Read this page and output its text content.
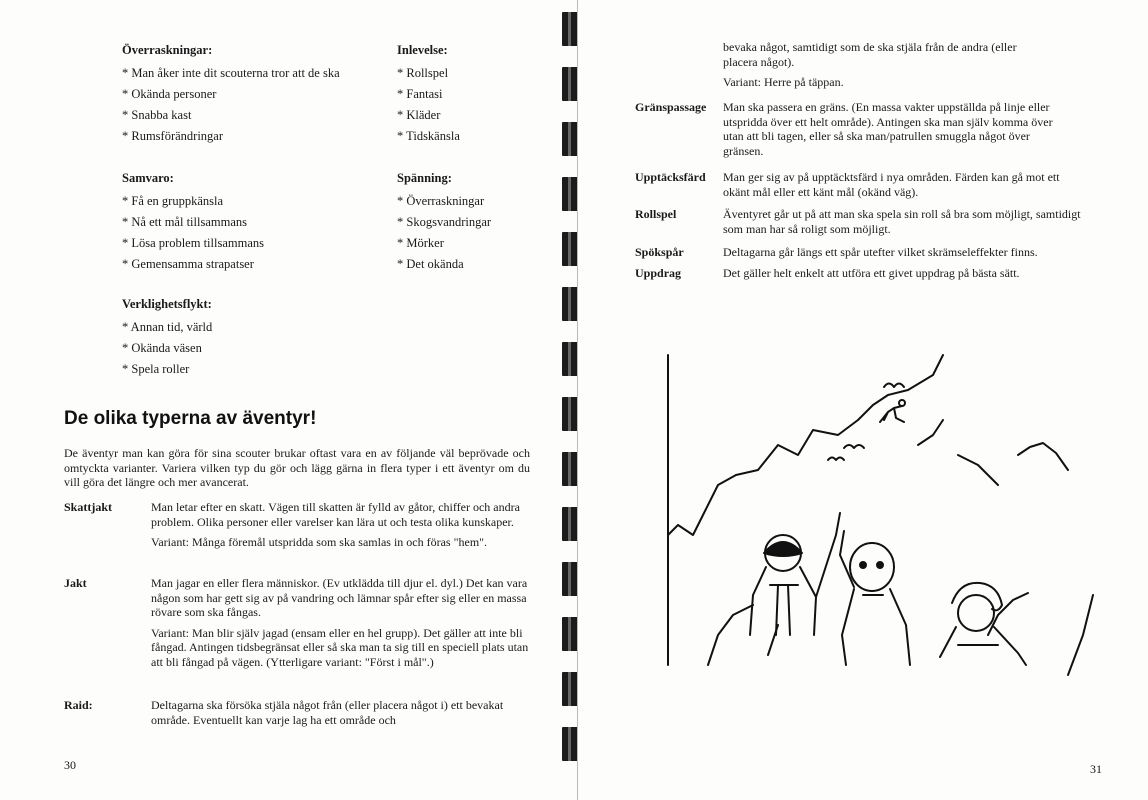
Överraskningar:
* Man åker inte dit scouterna tror att de ska
* Okända personer
* Snabba kast
* Rumsförändringar
Inlevelse:
* Rollspel
* Fantasi
* Kläder
* Tidskänsla
Samvaro:
* Få en gruppkänsla
* Nå ett mål tillsammans
* Lösa problem tillsammans
* Gemensamma strapatser
Spänning:
* Överraskningar
* Skogsvandringar
* Mörker
* Det okända
Verklighetsflykt:
* Annan tid, värld
* Okända väsen
* Spela roller
De olika typerna av äventyr!
De äventyr man kan göra för sina scouter brukar oftast vara en av följande väl beprövade och omtyckta varianter. Variera vilken typ du gör och lägg gärna in flera typer i ett äventyr om du vill göra det längre och mer avancerat.
Skattjakt	Man letar efter en skatt. Vägen till skatten är fylld av gåtor, chiffer och andra problem. Olika personer eller varelser kan lära ut och testa olika kunskaper.

Variant: Många föremål utspridda som ska samlas in och föras "hem".

Jakt	Man jagar en eller flera människor. (Ev utklädda till djur el. dyl.) Det kan vara någon som har gett sig av på vandring och lämnar spår efter sig eller en massa rövare som ska fångas.

Variant: Man blir själv jagad (ensam eller en hel grupp). Det gäller att inte bli fångad. Antingen tidsbegränsat eller så ska man ta sig till en speciell plats utan att bli fångad på vägen. (Ytterligare variant: "Först i mål".)

Raid:	Deltagarna ska försöka stjäla något från (eller placera något i) ett bevakat område. Eventuellt kan varje lag ha ett område och

30

bevaka något, samtidigt som de ska stjäla från de andra (eller placera något).

Variant: Herre på täppan.

Gränspassage Man ska passera en gräns. (En massa vakter uppställda på linje eller utspridda över ett helt område). Antingen ska man själv komma över utan att bli tagen, eller så ska man/patrullen smuggla något över gränsen.

Upptäcksfärd Man ger sig av på upptäcktsfärd i nya områden. Färden kan gå mot ett okänt mål eller ett känt mål (okänd väg).

Rollspel	Äventyret går ut på att man ska spela sin roll så bra som möjligt, samtidigt som man har så roligt som möjligt.

Spökspår	Deltagarna går längs ett spår utefter vilket skrämseleffekter finns.

Uppdrag	Det gäller helt enkelt att utföra ett givet uppdrag på bästa sätt.

31
